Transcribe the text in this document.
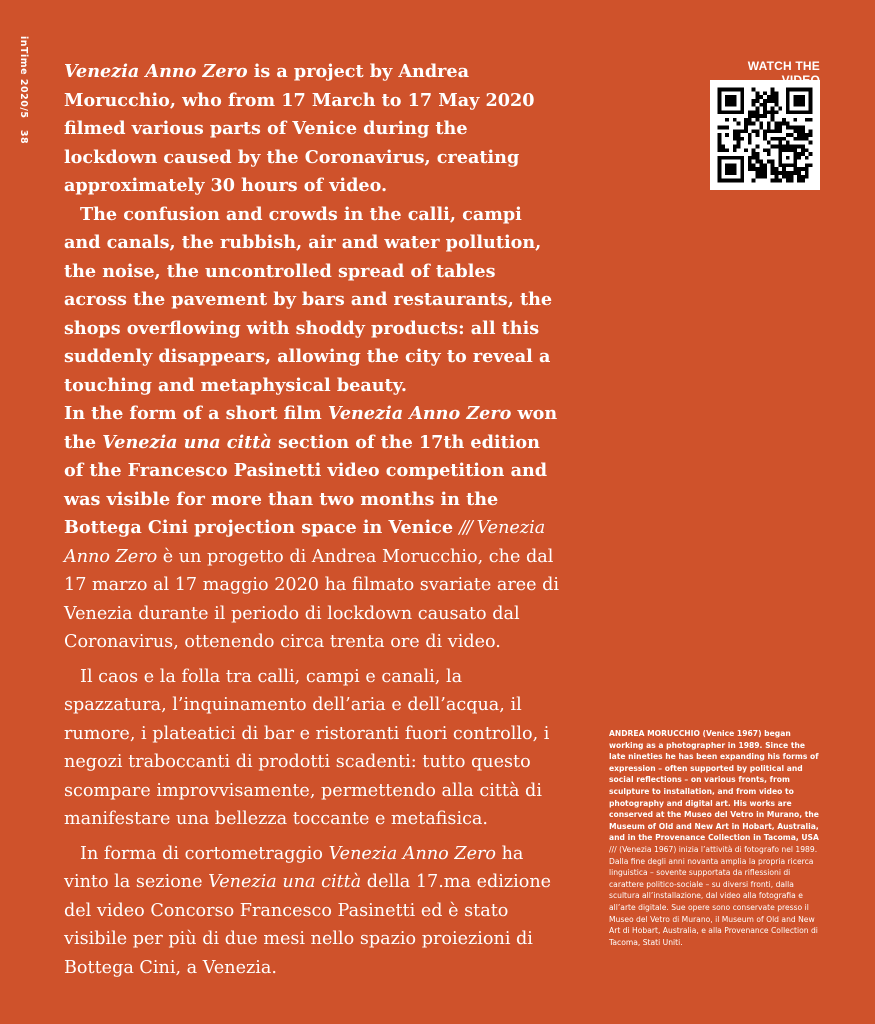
inTime 2020/5   38

Venezia Anno Zero is a project by Andrea Morucchio, who from 17 March to 17 May 2020 filmed various parts of Venice during the lockdown caused by the Coronavirus, creating approximately 30 hours of video.

The confusion and crowds in the calli, campi and canals, the rubbish, air and water pollution, the noise, the uncontrolled spread of tables across the pavement by bars and restaurants, the shops overflowing with shoddy products: all this suddenly disappears, allowing the city to reveal a touching and metaphysical beauty.

In the form of a short film Venezia Anno Zero won the Venezia una città section of the 17th edition of the Francesco Pasinetti video competition and was visible for more than two months in the Bottega Cini projection space in Venice /// Venezia Anno Zero è un progetto di Andrea Morucchio, che dal 17 marzo al 17 maggio 2020 ha filmato svariate aree di Venezia durante il periodo di lockdown causato dal Coronavirus, ottenendo circa trenta ore di video.

Il caos e la folla tra calli, campi e canali, la spazzatura, l’inquinamento dell’aria e dell’acqua, il rumore, i plateatici di bar e ristoranti fuori controllo, i negozi traboccanti di prodotti scadenti: tutto questo scompare improvvisamente, permettendo alla città di manifestare una bellezza toccante e metafisica.

In forma di cortometraggio Venezia Anno Zero ha vinto la sezione Venezia una città della 17.ma edizione del video Concorso Francesco Pasinetti ed è stato visibile per più di due mesi nello spazio proiezioni di Bottega Cini, a Venezia.

WATCH THE
ANDREA MORUCCHIO (Venice 1967) began working as a photographer in 1989. Since the late nineties he has been expanding his forms of expression – often supported by political and social reflections – on various fronts, from sculpture to installation, and from video to photography and digital art. His works are conserved at the Museo del Vetro in Murano, the Museum of Old and New Art in Hobart, Australia, and in the Provenance Collection in Tacoma, USA /// (Venezia 1967) inizia l’attività di fotografo nel 1989. Dalla fine degli anni novanta amplia la propria ricerca linguistica – sovente supportata da riflessioni di carattere politico-sociale – su diversi fronti, dalla scultura all’installazione, dal video alla fotografia e all’arte digitale. Sue opere sono conservate presso il Museo del Vetro di Murano, il Museum of Old and New Art di Hobart, Australia, e alla Provenance Collection di Tacoma, Stati Uniti.
